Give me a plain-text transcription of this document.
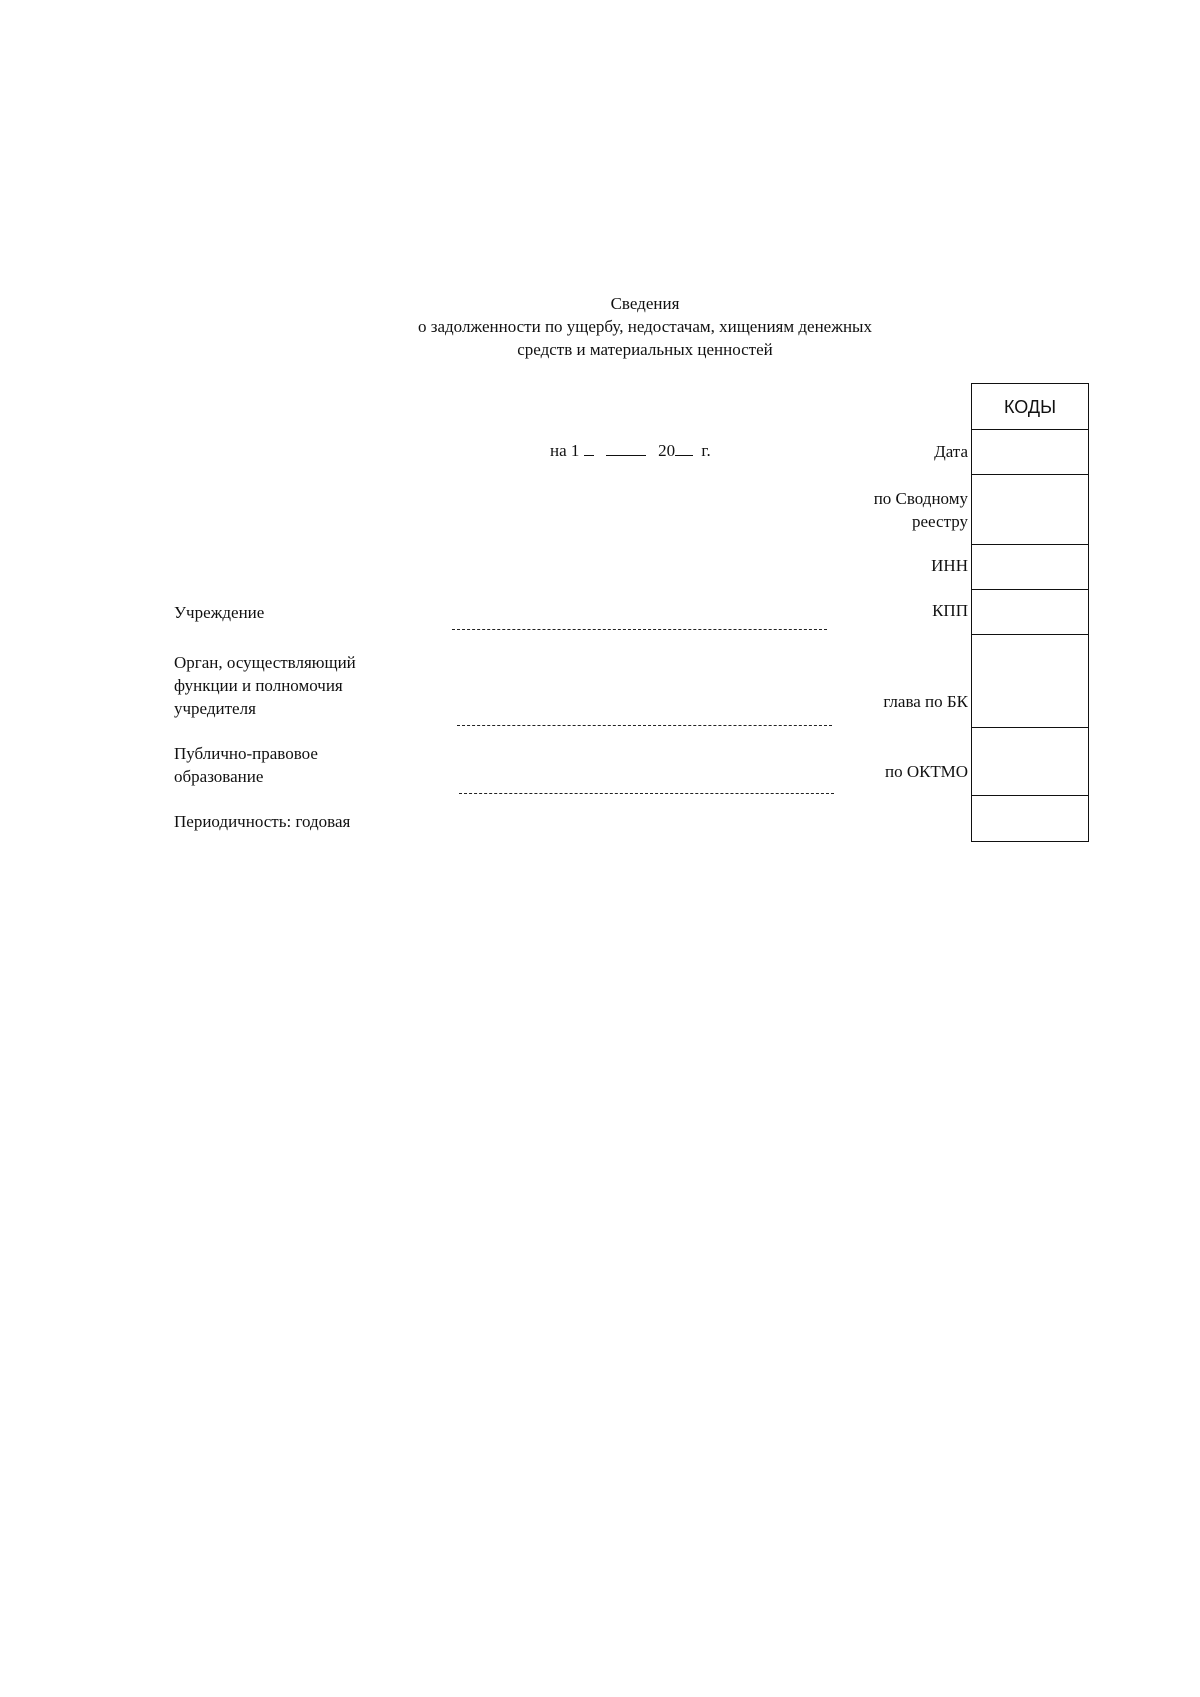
Сведения
о задолженности по ущербу, недостачам, хищениям денежных
средств и материальных ценностей
на 1	20 г.
Учреждение
Орган, осуществляющий
функции и полномочия
учредителя
Публично-правовое
образование
Периодичность: годовая
Дата
по Сводному
реестру
ИНН
КПП
глава по БК
по ОКТМО
КОДЫ
